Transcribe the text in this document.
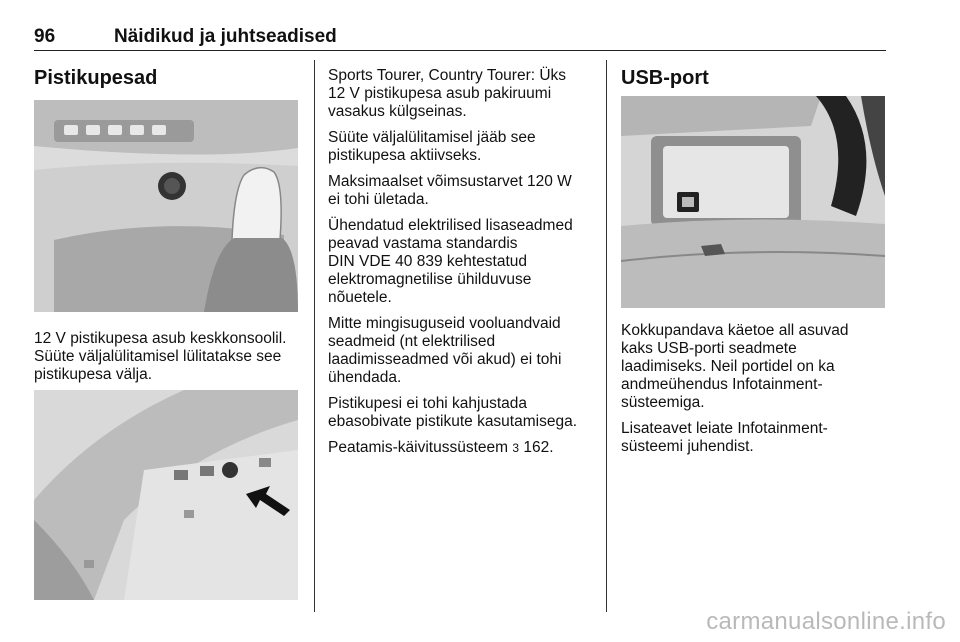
96	Näidikud ja juhtseadised
Pistikupesad
12 V pistikupesa asub keskkonsoolil.
Süüte väljalülitamisel lülitatakse see
pistikupesa välja.

Sports Tourer, Country Tourer: Üks
12 V pistikupesa asub pakiruumi
vasakus külgseinas.

Süüte väljalülitamisel jääb see
pistikupesa aktiivseks.

Maksimaalset võimsustarvet 120 W
ei tohi ületada.

Ühendatud elektrilised lisaseadmed
peavad vastama standardis
DIN VDE 40 839 kehtestatud
elektromagnetilise ühilduvuse
nõuetele.

Mitte mingisuguseid vooluandvaid
seadmeid (nt elektrilised
laadimisseadmed või akud) ei tohi
ühendada.

Pistikupesi ei tohi kahjustada
ebasobivate pistikute kasutamisega.

Peatamis-käivitussüsteem 3 162.

USB-port

Kokkupandava käetoe all asuvad
kaks USB-porti seadmete
laadimiseks. Neil portidel on ka
andmeühendus Infotainment-
süsteemiga.

Lisateavet leiate Infotainment-
süsteemi juhendist.

carmanualsonline.info
